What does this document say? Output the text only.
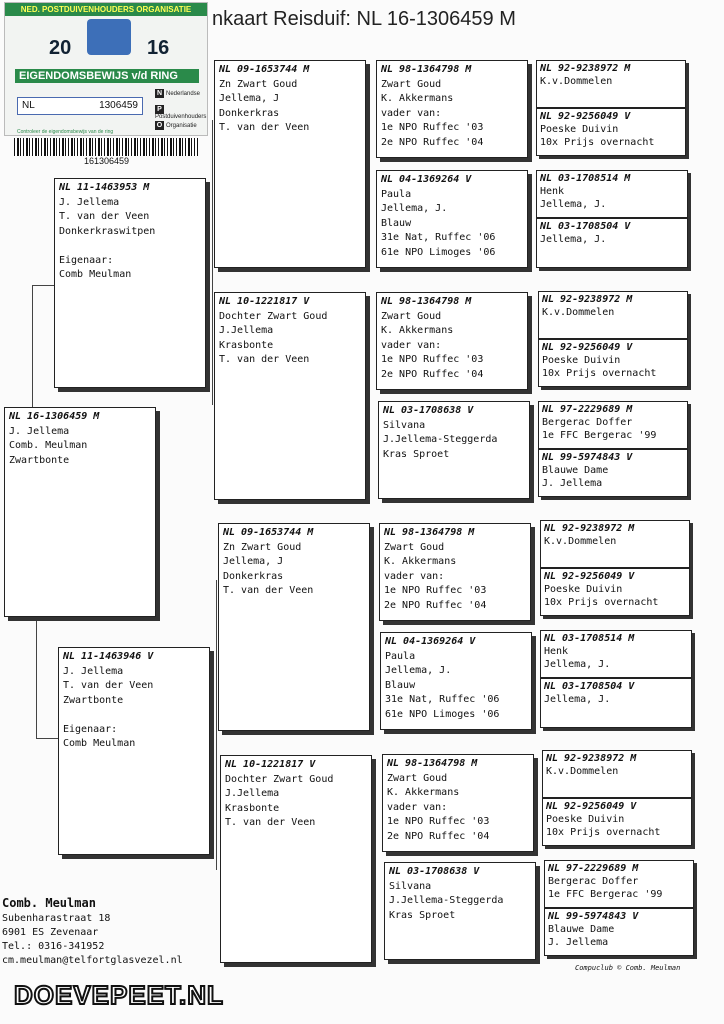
nkaart Reisduif: NL 16-1306459 M
NED. POSTDUIVENHOUDERS ORGANISATIE
20	16
EIGENDOMSBEWIJS v/d RING
NL	1306459
N Nederlandse
PPostduivenhouders
O Organisatie
Controleer de eigendomsbewijs van de ring
161306459
NL 16-1306459 M
J. Jellema
Comb. Meulman
Zwartbonte
NL 11-1463953 M
J. Jellema
T. van der Veen
Donkerkraswitpen
Eigenaar:
Comb Meulman
NL 11-1463946 V
J. Jellema
T. van der Veen
Zwartbonte
Eigenaar:
Comb Meulman
NL 09-1653744 M
Zn Zwart Goud
Jellema, J
Donkerkras
T. van der Veen
NL 10-1221817 V
Dochter Zwart Goud
J.Jellema
Krasbonte
T. van der Veen
NL 09-1653744 M
Zn Zwart Goud
Jellema, J
Donkerkras
T. van der Veen
NL 10-1221817 V
Dochter Zwart Goud
J.Jellema
Krasbonte
T. van der Veen
NL 98-1364798 M
Zwart Goud
K. Akkermans
vader van:
1e NPO Ruffec '03
2e NPO Ruffec '04
NL 04-1369264 V
Paula
Jellema, J.
Blauw
31e Nat, Ruffec '06
61e NPO Limoges '06
NL 98-1364798 M
Zwart Goud
K. Akkermans
vader van:
1e NPO Ruffec '03
2e NPO Ruffec '04
NL 03-1708638 V
Silvana
J.Jellema-Steggerda
Kras Sproet
NL 98-1364798 M
Zwart Goud
K. Akkermans
vader van:
1e NPO Ruffec '03
2e NPO Ruffec '04
NL 04-1369264 V
Paula
Jellema, J.
Blauw
31e Nat, Ruffec '06
61e NPO Limoges '06
NL 98-1364798 M
Zwart Goud
K. Akkermans
vader van:
1e NPO Ruffec '03
2e NPO Ruffec '04
NL 03-1708638 V
Silvana
J.Jellema-Steggerda
Kras Sproet
NL 92-9238972 M
K.v.Dommelen
NL 92-9256049 V
Poeske Duivin
10x Prijs overnacht
NL 03-1708514 M
Henk
Jellema, J.
NL 03-1708504 V
Jellema, J.
NL 92-9238972 M
K.v.Dommelen
NL 92-9256049 V
Poeske Duivin
10x Prijs overnacht
NL 97-2229689 M
Bergerac Doffer
1e FFC Bergerac '99
NL 99-5974843 V
Blauwe Dame
J. Jellema
NL 92-9238972 M
K.v.Dommelen
NL 92-9256049 V
Poeske Duivin
10x Prijs overnacht
NL 03-1708514 M
Henk
Jellema, J.
NL 03-1708504 V
Jellema, J.
NL 92-9238972 M
K.v.Dommelen
NL 92-9256049 V
Poeske Duivin
10x Prijs overnacht
NL 97-2229689 M
Bergerac Doffer
1e FFC Bergerac '99
NL 99-5974843 V
Blauwe Dame
J. Jellema
Comb. Meulman
Subenharastraat 18
6901 ES Zevenaar
Tel.: 0316-341952
cm.meulman@telfortglasvezel.nl
Compuclub © Comb. Meulman
DOEVEPEET.NL
